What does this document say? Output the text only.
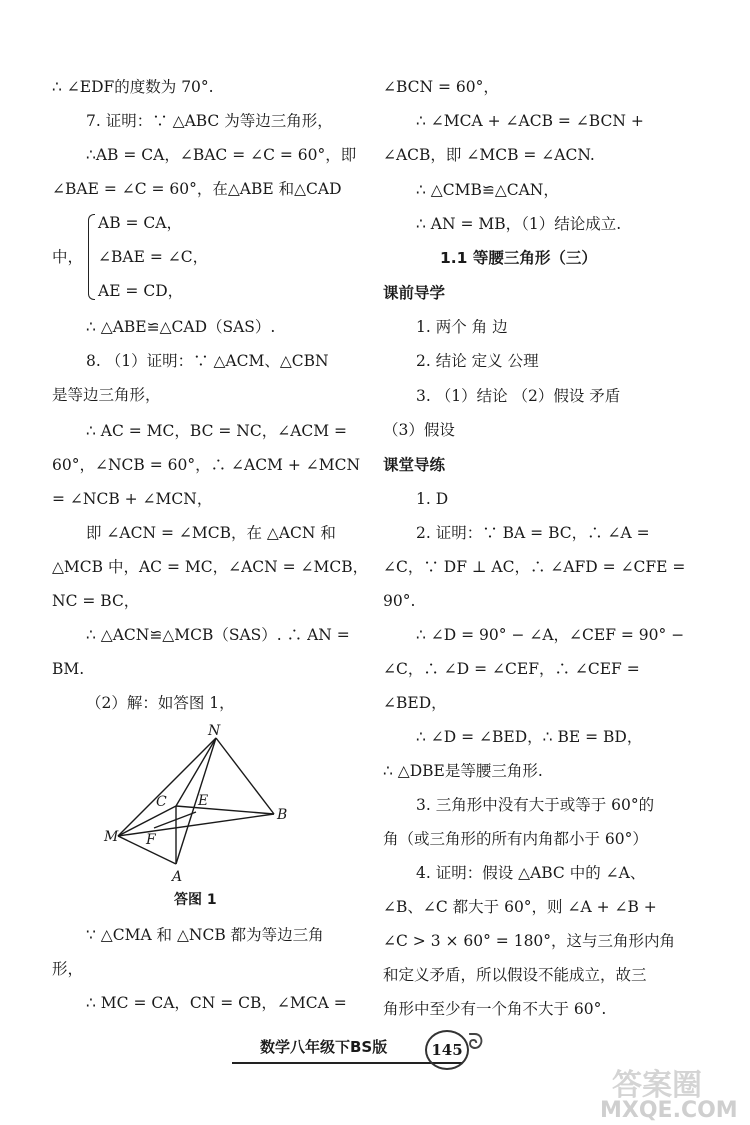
∴ ∠EDF的度数为 70°.
7. 证明：∵ △ABC 为等边三角形，
∴AB = CA，∠BAC = ∠C = 60°，即
∠BAE = ∠C = 60°，在△ABE 和△CAD
AB = CA，
中， ∠BAE = ∠C，
AE = CD，
∴ △ABE≌△CAD（SAS）.
8. （1）证明：∵ △ACM、△CBN
是等边三角形，
∴ AC = MC，BC = NC，∠ACM =
60°，∠NCB = 60°，∴ ∠ACM + ∠MCN
= ∠NCB + ∠MCN，
即 ∠ACN = ∠MCB，在 △ACN 和
△MCB 中，AC = MC，∠ACN = ∠MCB，
NC = BC，
∴ △ACN≌△MCB（SAS）. ∴ AN =
BM.
（2）解：如答图 1，
N
C E
B
M F
A
答图 1
∵ △CMA 和 △NCB 都为等边三角
形，
∴ MC = CA，CN = CB，∠MCA =
∠BCN = 60°，
∴ ∠MCA + ∠ACB = ∠BCN +
∠ACB，即 ∠MCB = ∠ACN.
∴ △CMB≌△CAN，
∴ AN = MB，（1）结论成立.
1.1 等腰三角形（三）
课前导学
1. 两个 角 边
2. 结论 定义 公理
3. （1）结论 （2）假设 矛盾
（3）假设
课堂导练
1. D
2. 证明：∵ BA = BC，∴ ∠A =
∠C，∵ DF ⊥ AC，∴ ∠AFD = ∠CFE =
90°.
∴ ∠D = 90° − ∠A，∠CEF = 90° −
∠C，∴ ∠D = ∠CEF，∴ ∠CEF =
∠BED，
∴ ∠D = ∠BED，∴ BE = BD，
∴ △DBE是等腰三角形.
3. 三角形中没有大于或等于 60°的
角（或三角形的所有内角都小于 60°）
4. 证明：假设 △ABC 中的 ∠A、
∠B、∠C 都大于 60°，则 ∠A + ∠B +
∠C > 3 × 60° = 180°，这与三角形内角
和定义矛盾，所以假设不能成立，故三
角形中至少有一个角不大于 60°.
数学八年级下BS版	145 ᘐ
答案圈
MXQE.COM
